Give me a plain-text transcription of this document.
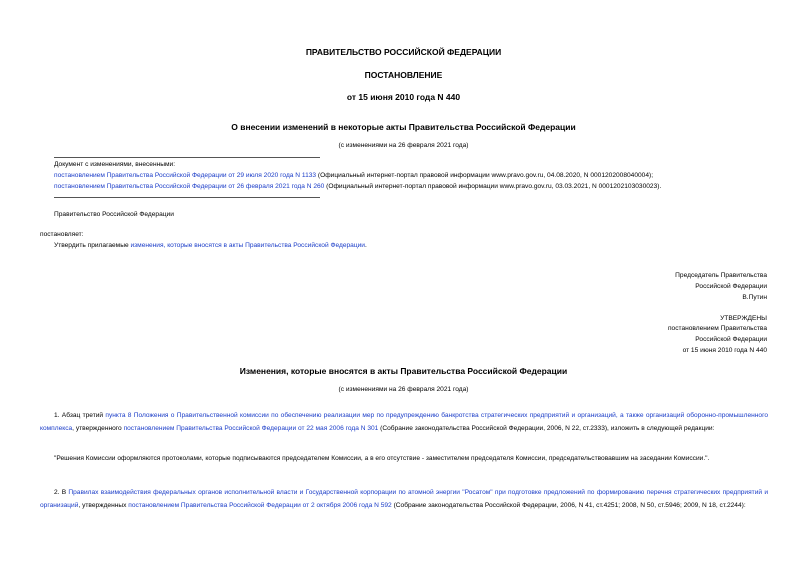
ПРАВИТЕЛЬСТВО РОССИЙСКОЙ ФЕДЕРАЦИИ
ПОСТАНОВЛЕНИЕ
от 15 июня 2010 года N 440
О внесении изменений в некоторые акты Правительства Российской Федерации
(с изменениями на 26 февраля 2021 года)
Документ с изменениями, внесенными:
постановлением Правительства Российской Федерации от 29 июля 2020 года N 1133 (Официальный интернет-портал правовой информации www.pravo.gov.ru, 04.08.2020, N 0001202008040004);
постановлением Правительства Российской Федерации от 26 февраля 2021 года N 260 (Официальный интернет-портал правовой информации www.pravo.gov.ru, 03.03.2021, N 0001202103030023).
Правительство Российской Федерации
постановляет:
Утвердить прилагаемые изменения, которые вносятся в акты Правительства Российской Федерации.
Председатель Правительства
Российской Федерации
В.Путин
УТВЕРЖДЕНЫ
постановлением Правительства
Российской Федерации
от 15 июня 2010 года N 440
Изменения, которые вносятся в акты Правительства Российской Федерации
(с изменениями на 26 февраля 2021 года)
1. Абзац третий пункта 8 Положения о Правительственной комиссии по обеспечению реализации мер по предупреждению банкротства стратегических предприятий и организаций, а также организаций оборонно-промышленного комплекса, утвержденного постановлением Правительства Российской Федерации от 22 мая 2006 года N 301 (Собрание законодательства Российской Федерации, 2006, N 22, ст.2333), изложить в следующей редакции:
"Решения Комиссии оформляются протоколами, которые подписываются председателем Комиссии, а в его отсутствие - заместителем председателя Комиссии, председательствовавшим на заседании Комиссии.".
2. В Правилах взаимодействия федеральных органов исполнительной власти и Государственной корпорации по атомной энергии "Росатом" при подготовке предложений по формированию перечня стратегических предприятий и организаций, утвержденных постановлением Правительства Российской Федерации от 2 октября 2006 года N 592 (Собрание законодательства Российской Федерации, 2006, N 41, ст.4251; 2008, N 50, ст.5946; 2009, N 18, ст.2244):
